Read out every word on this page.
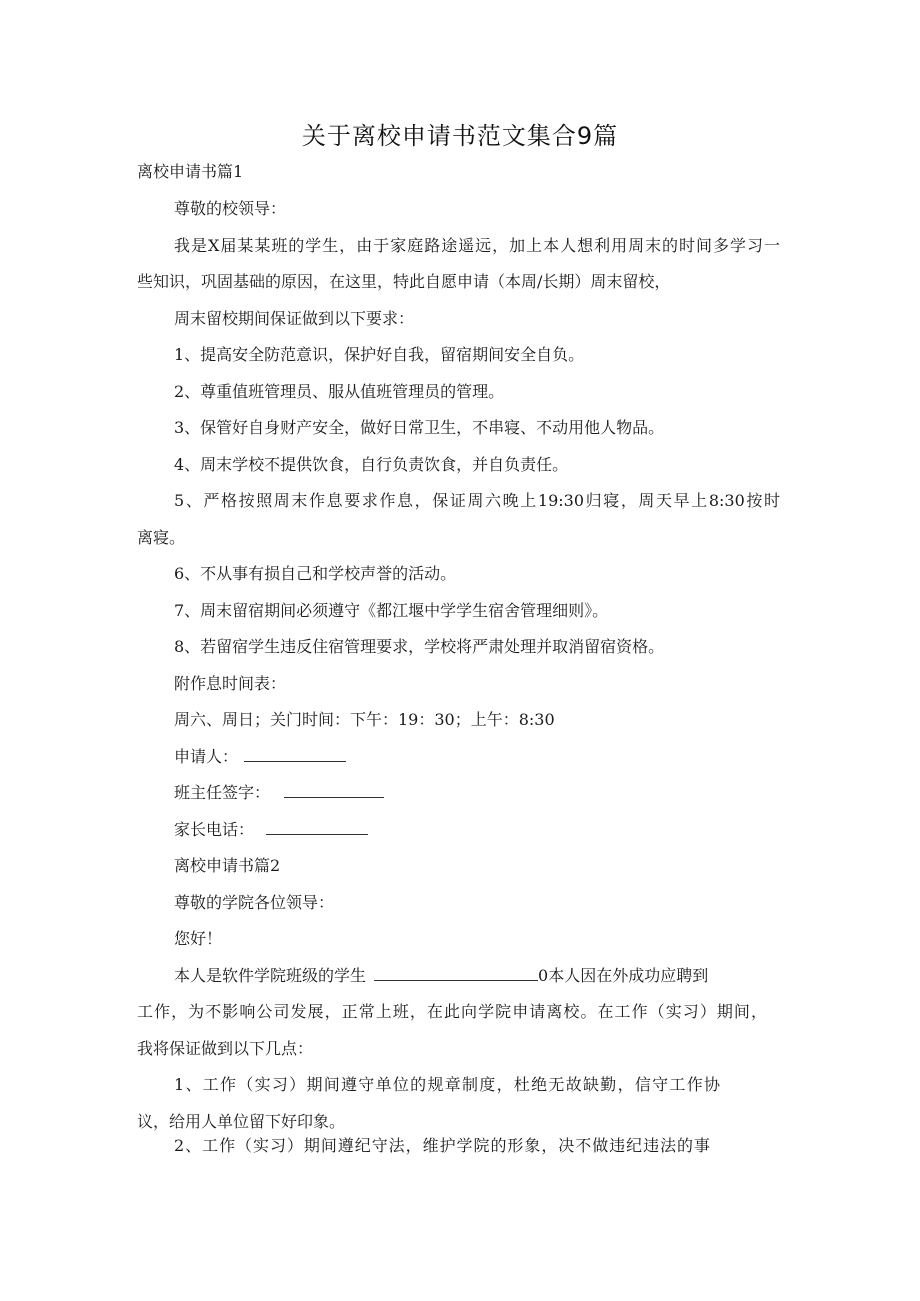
关于离校申请书范文集合9篇
离校申请书篇1
尊敬的校领导：
我是X届某某班的学生，由于家庭路途遥远，加上本人想利用周末的时间多学习一
些知识，巩固基础的原因，在这里，特此自愿申请（本周/长期）周末留校，
周末留校期间保证做到以下要求：
1、提高安全防范意识，保护好自我，留宿期间安全自负。
2、尊重值班管理员、服从值班管理员的管理。
3、保管好自身财产安全，做好日常卫生，不串寝、不动用他人物品。
4、周末学校不提供饮食，自行负责饮食，并自负责任。
5、严格按照周末作息要求作息，保证周六晚上19:30归寝，周天早上8:30按时
离寝。
6、不从事有损自己和学校声誉的活动。
7、周末留宿期间必须遵守《都江堰中学学生宿舍管理细则》。
8、若留宿学生违反住宿管理要求，学校将严肃处理并取消留宿资格。
附作息时间表：
周六、周日；关门时间：下午：19：30；上午：8:30
申请人：
班主任签字：
家长电话：
离校申请书篇2
尊敬的学院各位领导：
您好！
本人是软件学院班级的学生	0本人因在外成功应聘到
工作，为不影响公司发展，正常上班，在此向学院申请离校。在工作（实习）期间，
我将保证做到以下几点：
1、工作（实习）期间遵守单位的规章制度，杜绝无故缺勤，信守工作协
议，给用人单位留下好印象。
2、工作（实习）期间遵纪守法，维护学院的形象，决不做违纪违法的事
